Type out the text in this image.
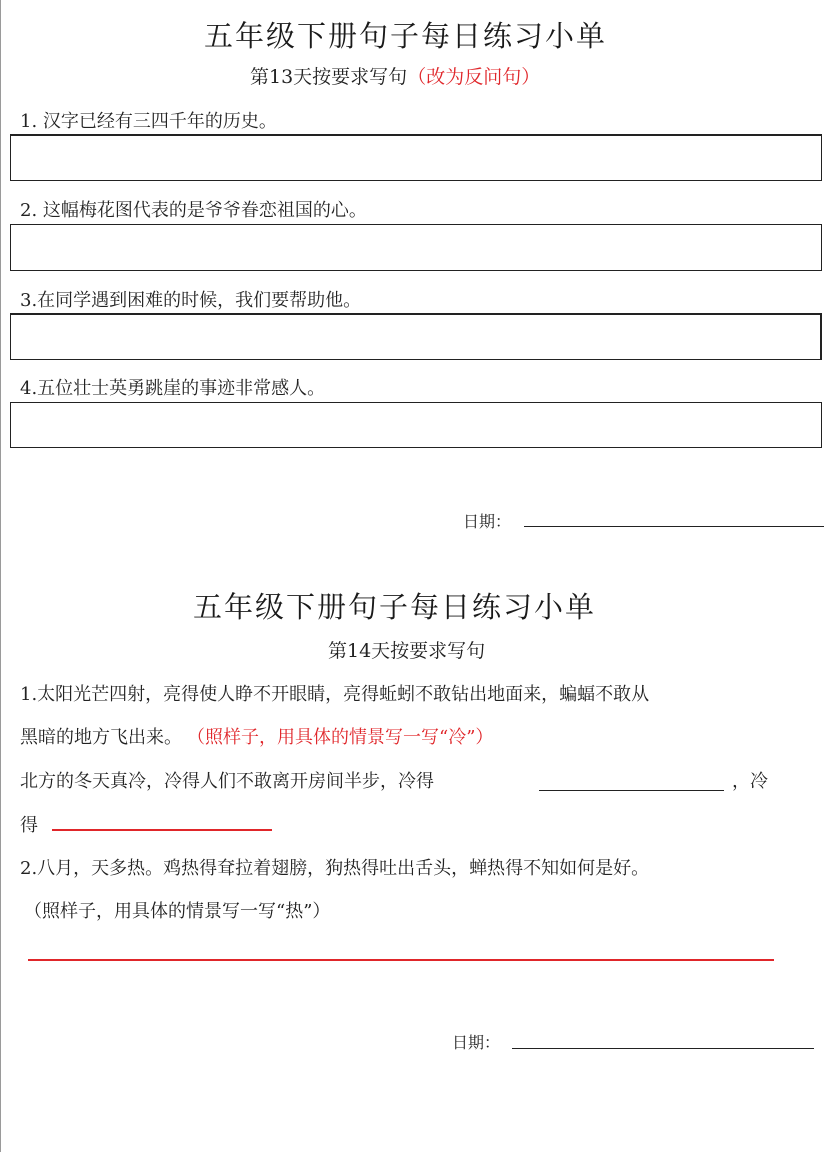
五年级下册句子每日练习小单
第13天按要求写句（改为反问句）
1. 汉字已经有三四千年的历史。
2. 这幅梅花图代表的是爷爷眷恋祖国的心。
3.在同学遇到困难的时候，我们要帮助他。
4.五位壮士英勇跳崖的事迹非常感人。
日期：
五年级下册句子每日练习小单
第14天按要求写句
1.太阳光芒四射，亮得使人睁不开眼睛，亮得蚯蚓不敢钻出地面来，蝙蝠不敢从
黑暗的地方飞出来。 （照样子，用具体的情景写一写“冷”）
北方的冬天真冷，冷得人们不敢离开房间半步，冷得	，冷
得
2.八月，天多热。鸡热得耷拉着翅膀，狗热得吐出舌头，蝉热得不知如何是好。
（照样子，用具体的情景写一写“热”）
日期：
